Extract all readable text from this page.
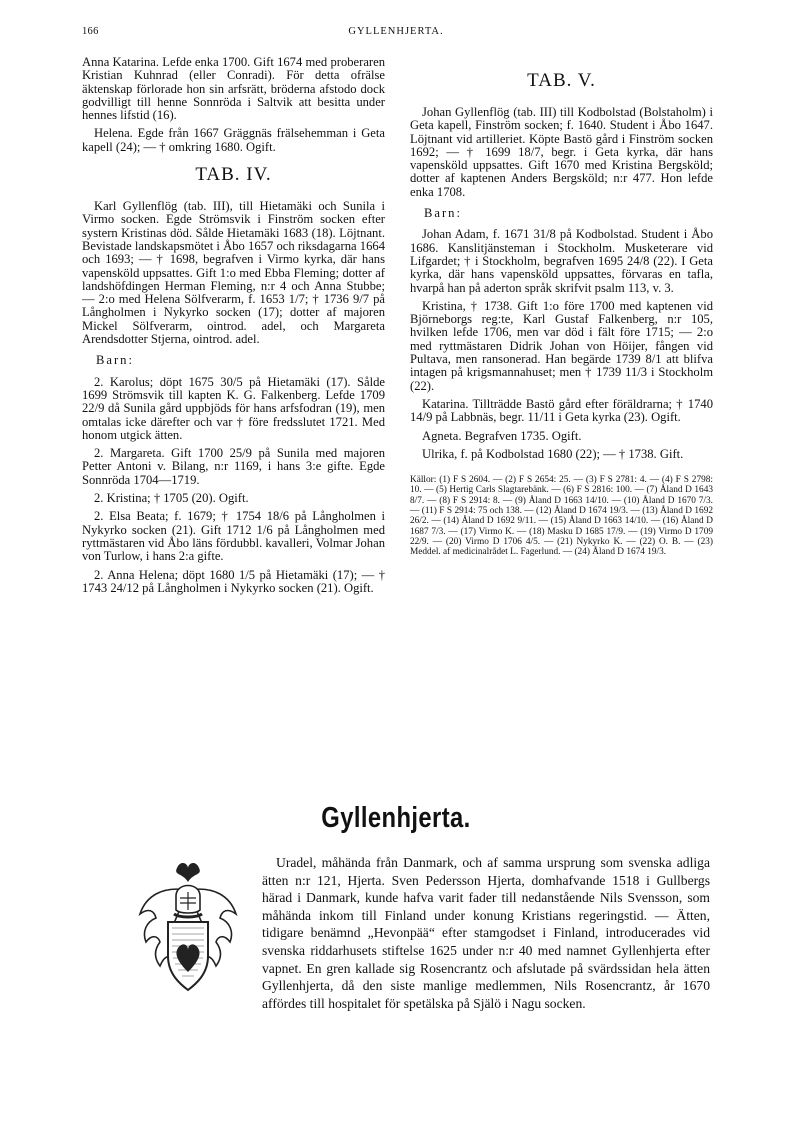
166	GYLLENHJERTA.

Anna Katarina. Lefde enka 1700. Gift 1674 med proberaren Kristian Kuhnrad (eller Conradi). För detta ofrälse äktenskap förlorade hon sin arfsrätt, bröderna afstodo dock godvilligt till henne Sonnröda i Saltvik att besitta under hennes lifstid (16).

Helena. Egde från 1667 Gräggnäs frälsehemman i Geta kapell (24); — † omkring 1680. Ogift.

TAB. IV.

Karl Gyllenflög (tab. III), till Hietamäki och Sunila i Virmo socken. Egde Strömsvik i Finström socken efter systern Kristinas död. Sålde Hietamäki 1683 (18). Löjtnant. Bevistade landskapsmötet i Åbo 1657 och riksdagarna 1664 och 1693; — † 1698, begrafven i Virmo kyrka, där hans vapensköld uppsattes. Gift 1:o med Ebba Fleming; dotter af landshöfdingen Herman Fleming, n:r 4 och Anna Stubbe; — 2:o med Helena Sölfverarm, f. 1653 1/7; † 1736 9/7 på Långholmen i Nykyrko socken (17); dotter af majoren Mickel Sölfverarm, ointrod. adel, och Margareta Arendsdotter Stjerna, ointrod. adel.

Barn:

2. Karolus; döpt 1675 30/5 på Hietamäki (17). Sålde 1699 Strömsvik till kapten K. G. Falkenberg. Lefde 1709 22/9 då Sunila gård uppbjöds för hans arfsfodran (19), men omtalas icke därefter och var † före fredsslutet 1721. Med honom utgick ätten.

2. Margareta. Gift 1700 25/9 på Sunila med majoren Petter Antoni v. Bilang, n:r 1169, i hans 3:e gifte. Egde Sonnröda 1704—1719.

2. Kristina; † 1705 (20). Ogift.

2. Elsa Beata; f. 1679; † 1754 18/6 på Långholmen i Nykyrko socken (21). Gift 1712 1/6 på Långholmen med ryttmästaren vid Åbo läns fördubbl. kavalleri, Volmar Johan von Turlow, i hans 2:a gifte.

2. Anna Helena; döpt 1680 1/5 på Hietamäki (17); — † 1743 24/12 på Långholmen i Nykyrko socken (21). Ogift.

TAB. V.

Johan Gyllenflög (tab. III) till Kodbolstad (Bolstaholm) i Geta kapell, Finström socken; f. 1640. Student i Åbo 1647. Löjtnant vid artilleriet. Köpte Bastö gård i Finström socken 1692; — † 1699 18/7, begr. i Geta kyrka, där hans vapensköld uppsattes. Gift 1670 med Kristina Bergsköld; dotter af kaptenen Anders Bergsköld; n:r 477. Hon lefde enka 1708.

Barn:

Johan Adam, f. 1671 31/8 på Kodbolstad. Student i Åbo 1686. Kanslitjänsteman i Stockholm. Musketerare vid Lifgardet; † i Stockholm, begrafven 1695 24/8 (22). I Geta kyrka, där hans vapensköld uppsattes, förvaras en tafla, hvarpå han på aderton språk skrifvit psalm 113, v. 3.

Kristina, † 1738. Gift 1:o före 1700 med kaptenen vid Björneborgs reg:te, Karl Gustaf Falkenberg, n:r 105, hvilken lefde 1706, men var död i fält före 1715; — 2:o med ryttmästaren Didrik Johan von Höijer, fången vid Pultava, men ransonerad. Han begärde 1739 8/1 att blifva intagen på krigsmannahuset; men † 1739 11/3 i Stockholm (22).

Katarina. Tillträdde Bastö gård efter föräldrarna; † 1740 14/9 på Labbnäs, begr. 11/11 i Geta kyrka (23). Ogift.

Agneta. Begrafven 1735. Ogift.

Ulrika, f. på Kodbolstad 1680 (22); — † 1738. Gift.

Källor: (1) F S 2604. — (2) F S 2654: 25. — (3) F S 2781: 4. — (4) F S 2798: 10. — (5) Hertig Carls Slagtarebänk. — (6) F S 2816: 100. — (7) Åland D 1643 8/7. — (8) F S 2914: 8. — (9) Åland D 1663 14/10. — (10) Åland D 1670 7/3. — (11) F S 2914: 75 och 138. — (12) Åland D 1674 19/3. — (13) Åland D 1692 26/2. — (14) Åland D 1692 9/11. — (15) Åland D 1663 14/10. — (16) Åland D 1687 7/3. — (17) Virmo K. — (18) Masku D 1685 17/9. — (19) Virmo D 1709 22/9. — (20) Virmo D 1706 4/5. — (21) Nykyrko K. — (22) O. B. — (23) Meddel. af medicinalrådet L. Fagerlund. — (24) Åland D 1674 19/3.
Gyllenhjerta.

Uradel, måhända från Danmark, och af samma ursprung som svenska adliga ätten n:r 121, Hjerta. Sven Pedersson Hjerta, domhafvande 1518 i Gullbergs härad i Danmark, kunde hafva varit fader till nedanstående Nils Svensson, som måhända inkom till Finland under konung Kristians regeringstid. — Ätten, tidigare benämnd „Hevonpää“ efter stamgodset i Finland, introducerades vid svenska riddarhusets stiftelse 1625 under n:r 40 med namnet Gyllenhjerta efter vapnet. En gren kallade sig Rosencrantz och afslutade på svärdssidan hela ätten Gyllenhjerta, då den siste manlige medlemmen, Nils Rosencrantz, år 1670 affördes till hospitalet för spetälska på Själö i Nagu socken.
